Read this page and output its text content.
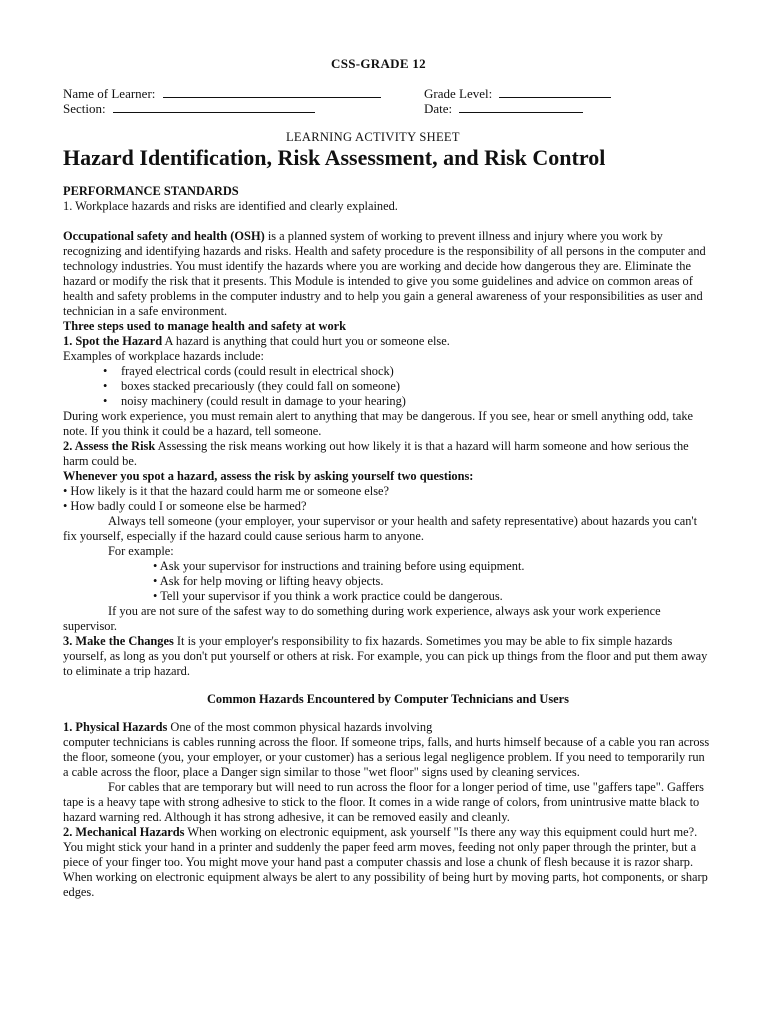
CSS-GRADE 12
Name of Learner:	Grade Level:
Section:	Date:
LEARNING ACTIVITY SHEET
Hazard Identification, Risk Assessment, and Risk Control

PERFORMANCE STANDARDS

1. Workplace hazards and risks are identified and clearly explained.

Occupational safety and health (OSH) is a planned system of working to prevent illness and injury where you work by recognizing and identifying hazards and risks. Health and safety procedure is the responsibility of all persons in the computer and technology industries. You must identify the hazards where you are working and decide how dangerous they are. Eliminate the hazard or modify the risk that it presents. This Module is intended to give you some guidelines and advice on common areas of health and safety problems in the computer industry and to help you gain a general awareness of your responsibilities as user and technician in a safe environment.

Three steps used to manage health and safety at work

1. Spot the Hazard A hazard is anything that could hurt you or someone else.

Examples of workplace hazards include:

• frayed electrical cords (could result in electrical shock)
• boxes stacked precariously (they could fall on someone)
• noisy machinery (could result in damage to your hearing)

During work experience, you must remain alert to anything that may be dangerous. If you see, hear or smell anything odd, take note. If you think it could be a hazard, tell someone.

2. Assess the Risk Assessing the risk means working out how likely it is that a hazard will harm someone and how serious the harm could be.

Whenever you spot a hazard, assess the risk by asking yourself two questions:

• How likely is it that the hazard could harm me or someone else?

• How badly could I or someone else be harmed?

Always tell someone (your employer, your supervisor or your health and safety representative) about hazards you can't fix yourself, especially if the hazard could cause serious harm to anyone.

For example:

• Ask your supervisor for instructions and training before using equipment.

• Ask for help moving or lifting heavy objects.

• Tell your supervisor if you think a work practice could be dangerous.

If you are not sure of the safest way to do something during work experience, always ask your work experience supervisor.

3. Make the Changes It is your employer's responsibility to fix hazards. Sometimes you may be able to fix simple hazards yourself, as long as you don't put yourself or others at risk. For example, you can pick up things from the floor and put them away to eliminate a trip hazard.

Common Hazards Encountered by Computer Technicians and Users

1. Physical Hazards One of the most common physical hazards involving

computer technicians is cables running across the floor. If someone trips, falls, and hurts himself because of a cable you ran across the floor, someone (you, your employer, or your customer) has a serious legal negligence problem. If you need to temporarily run a cable across the floor, place a Danger sign similar to those "wet floor" signs used by cleaning services.

For cables that are temporary but will need to run across the floor for a longer period of time, use "gaffers tape". Gaffers tape is a heavy tape with strong adhesive to stick to the floor. It comes in a wide range of colors, from unintrusive matte black to hazard warning red. Although it has strong adhesive, it can be removed easily and cleanly.

2. Mechanical Hazards When working on electronic equipment, ask yourself "Is there any way this equipment could hurt me?. You might stick your hand in a printer and suddenly the paper feed arm moves, feeding not only paper through the printer, but a piece of your finger too. You might move your hand past a computer chassis and lose a chunk of flesh because it is razor sharp. When working on electronic equipment always be alert to any possibility of being hurt by moving parts, hot components, or sharp edges.
